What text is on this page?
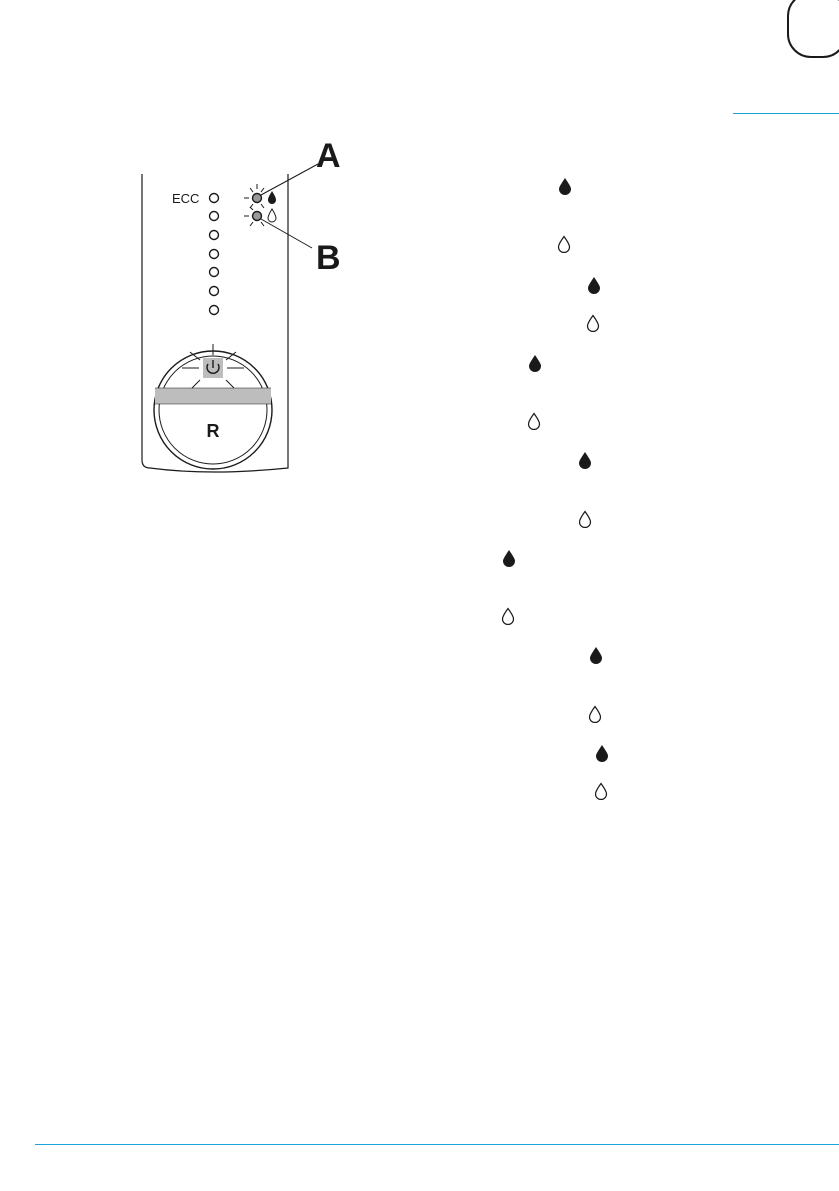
ECC
A
B
R
